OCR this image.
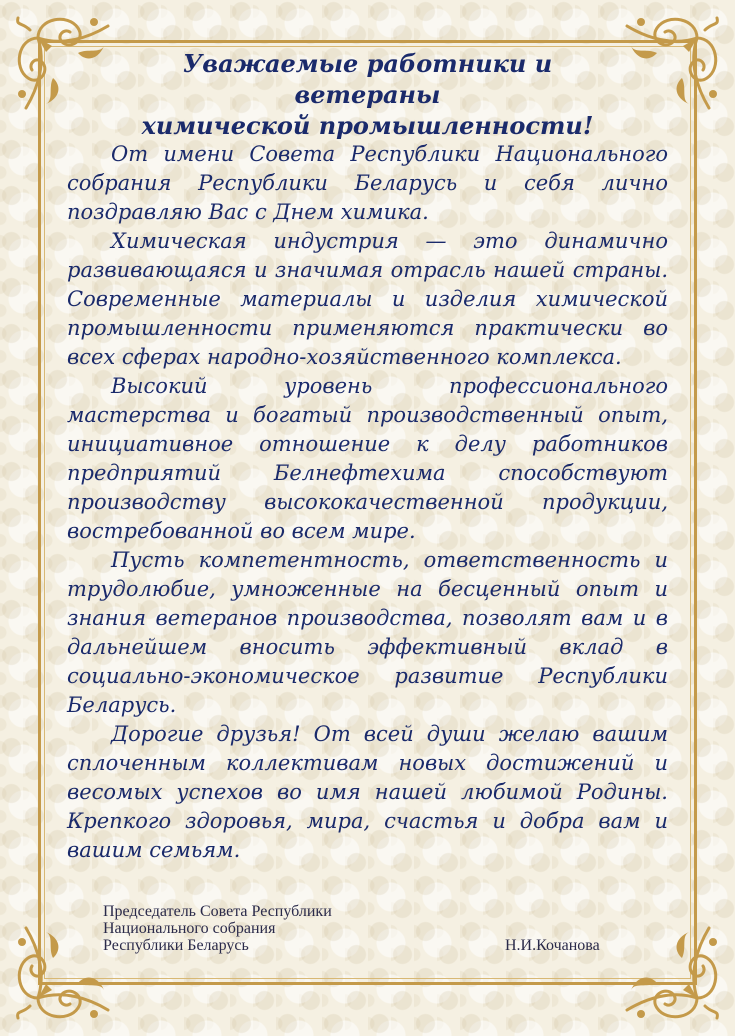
Уважаемые работники и ветераны
химической промышленности!

От имени Совета Республики Национального собрания Республики Беларусь и себя лично поздравляю Вас с Днем химика.

Химическая индустрия — это динамично развивающаяся и значимая отрасль нашей страны. Современные материалы и изделия химической промышленности применяются практически во всех сферах народно-хозяйственного комплекса.

Высокий уровень профессионального мастерства и богатый производственный опыт, инициативное отношение к делу работников предприятий Белнефтехима способствуют производству высококачественной продукции, востребованной во всем мире.

Пусть компетентность, ответственность и трудолюбие, умноженные на бесценный опыт и знания ветеранов производства, позволят вам и в дальнейшем вносить эффективный вклад в социально-экономическое развитие Республики Беларусь.

Дорогие друзья! От всей души желаю вашим сплоченным коллективам новых достижений и весомых успехов во имя нашей любимой Родины. Крепкого здоровья, мира, счастья и добра вам и вашим семьям.

Председатель Совета Республики
Национального собрания
Республики Беларусь	Н.И.Кочанова
